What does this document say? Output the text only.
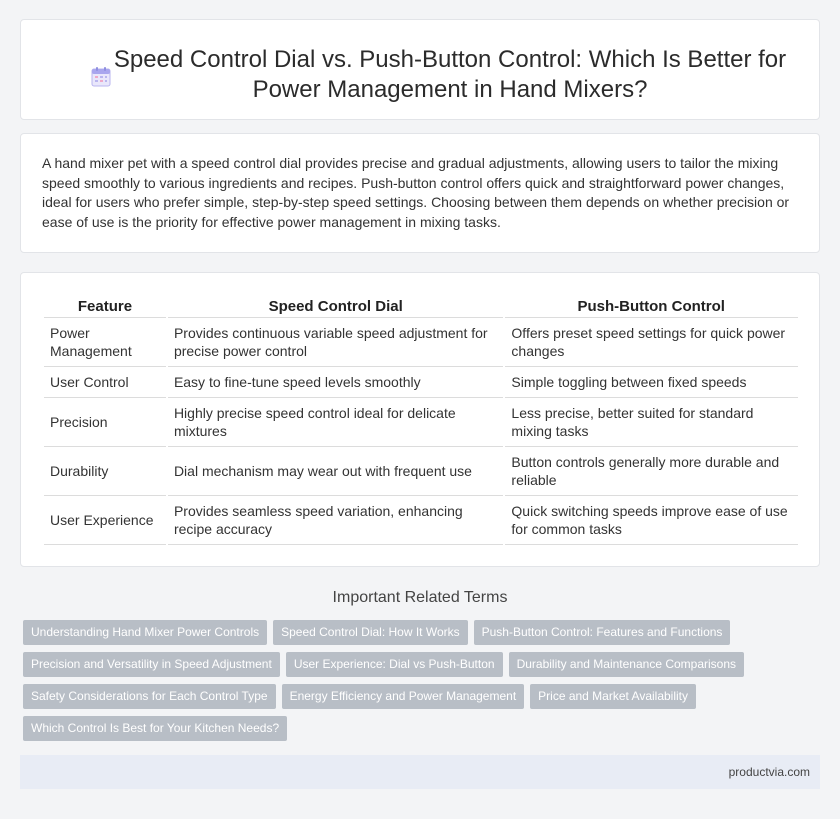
Speed Control Dial vs. Push-Button Control: Which Is Better for Power Management in Hand Mixers?

A hand mixer pet with a speed control dial provides precise and gradual adjustments, allowing users to tailor the mixing speed smoothly to various ingredients and recipes. Push-button control offers quick and straightforward power changes, ideal for users who prefer simple, step-by-step speed settings. Choosing between them depends on whether precision or ease of use is the priority for effective power management in mixing tasks.

Feature	Speed Control Dial	Push-Button Control
Power Management	Provides continuous variable speed adjustment for precise power control	Offers preset speed settings for quick power changes
User Control	Easy to fine-tune speed levels smoothly	Simple toggling between fixed speeds
Precision	Highly precise speed control ideal for delicate mixtures	Less precise, better suited for standard mixing tasks
Durability	Dial mechanism may wear out with frequent use	Button controls generally more durable and reliable
User Experience	Provides seamless speed variation, enhancing recipe accuracy	Quick switching speeds improve ease of use for common tasks
Important Related Terms
Understanding Hand Mixer Power Controls Speed Control Dial: How It Works Push-Button Control: Features and Functions
Precision and Versatility in Speed Adjustment User Experience: Dial vs Push-Button Durability and Maintenance Comparisons
Safety Considerations for Each Control Type Energy Efficiency and Power Management Price and Market Availability
Which Control Is Best for Your Kitchen Needs?
productvia.com
